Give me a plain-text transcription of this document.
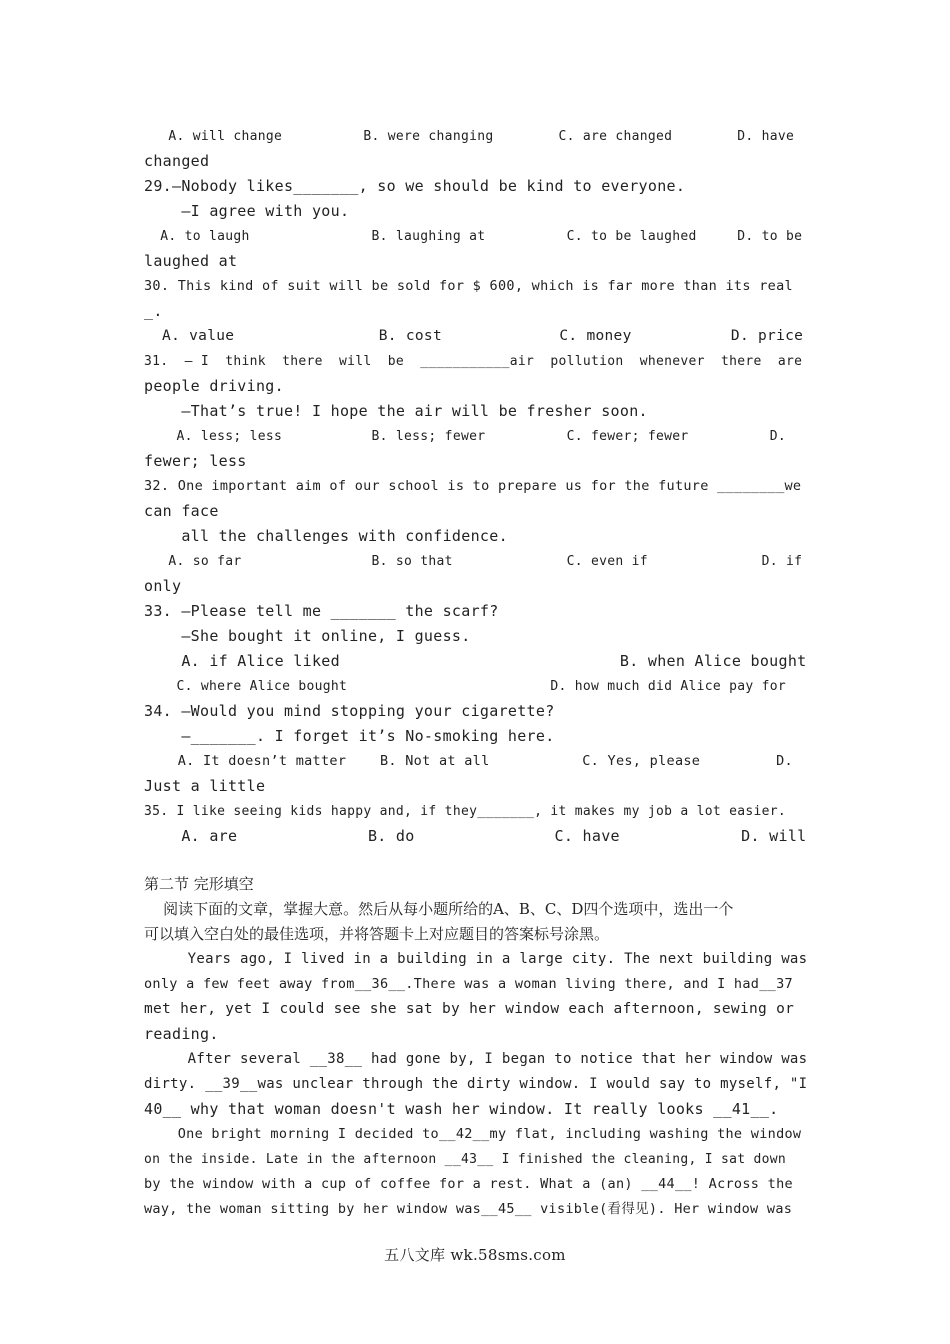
A. will change          B. were changing        C. are changed        D. have
changed
29.—Nobody likes_______, so we should be kind to everyone.
—I agree with you.
A. to laugh               B. laughing at          C. to be laughed     D. to be
laughed at
30. This kind of suit will be sold for $ 600, which is far more than its real
_.
A. value                B. cost             C. money           D. price
31.  — I  think  there  will  be  ___________air  pollution  whenever  there  are
people driving.
—That’s true! I hope the air will be fresher soon.
A. less; less           B. less; fewer          C. fewer; fewer          D.
fewer; less
32. One important aim of our school is to prepare us for the future ________we
can face
all the challenges with confidence.
A. so far                B. so that              C. even if              D. if
only
33. —Please tell me _______ the scarf?
—She bought it online, I guess.
A. if Alice liked                              B. when Alice bought
C. where Alice bought                         D. how much did Alice pay for
34. —Would you mind stopping your cigarette?
—_______. I forget it’s No-smoking here.
A. It doesn’t matter    B. Not at all           C. Yes, please         D.
Just a little
35. I like seeing kids happy and, if they_______, it makes my job a lot easier.
A. are              B. do               C. have             D. will
第二节 完形填空
阅读下面的文章，掌握大意。然后从每小题所给的A、B、C、D四个选项中，选出一个
可以填入空白处的最佳选项，并将答题卡上对应题目的答案标号涂黑。
Years ago, I lived in a building in a large city. The next building was
only a few feet away from__36__.There was a woman living there, and I had__37
met her, yet I could see she sat by her window each afternoon, sewing or
reading.
After several __38__ had gone by, I began to notice that her window was
dirty. __39__was unclear through the dirty window. I would say to myself, "I
40__ why that woman doesn't wash her window. It really looks __41__.
One bright morning I decided to__42__my flat, including washing the window
on the inside. Late in the afternoon __43__ I finished the cleaning, I sat down
by the window with a cup of coffee for a rest. What a (an) __44__! Across the
way, the woman sitting by her window was__45__ visible(看得见). Her window was
五八文库 wk.58sms.com
